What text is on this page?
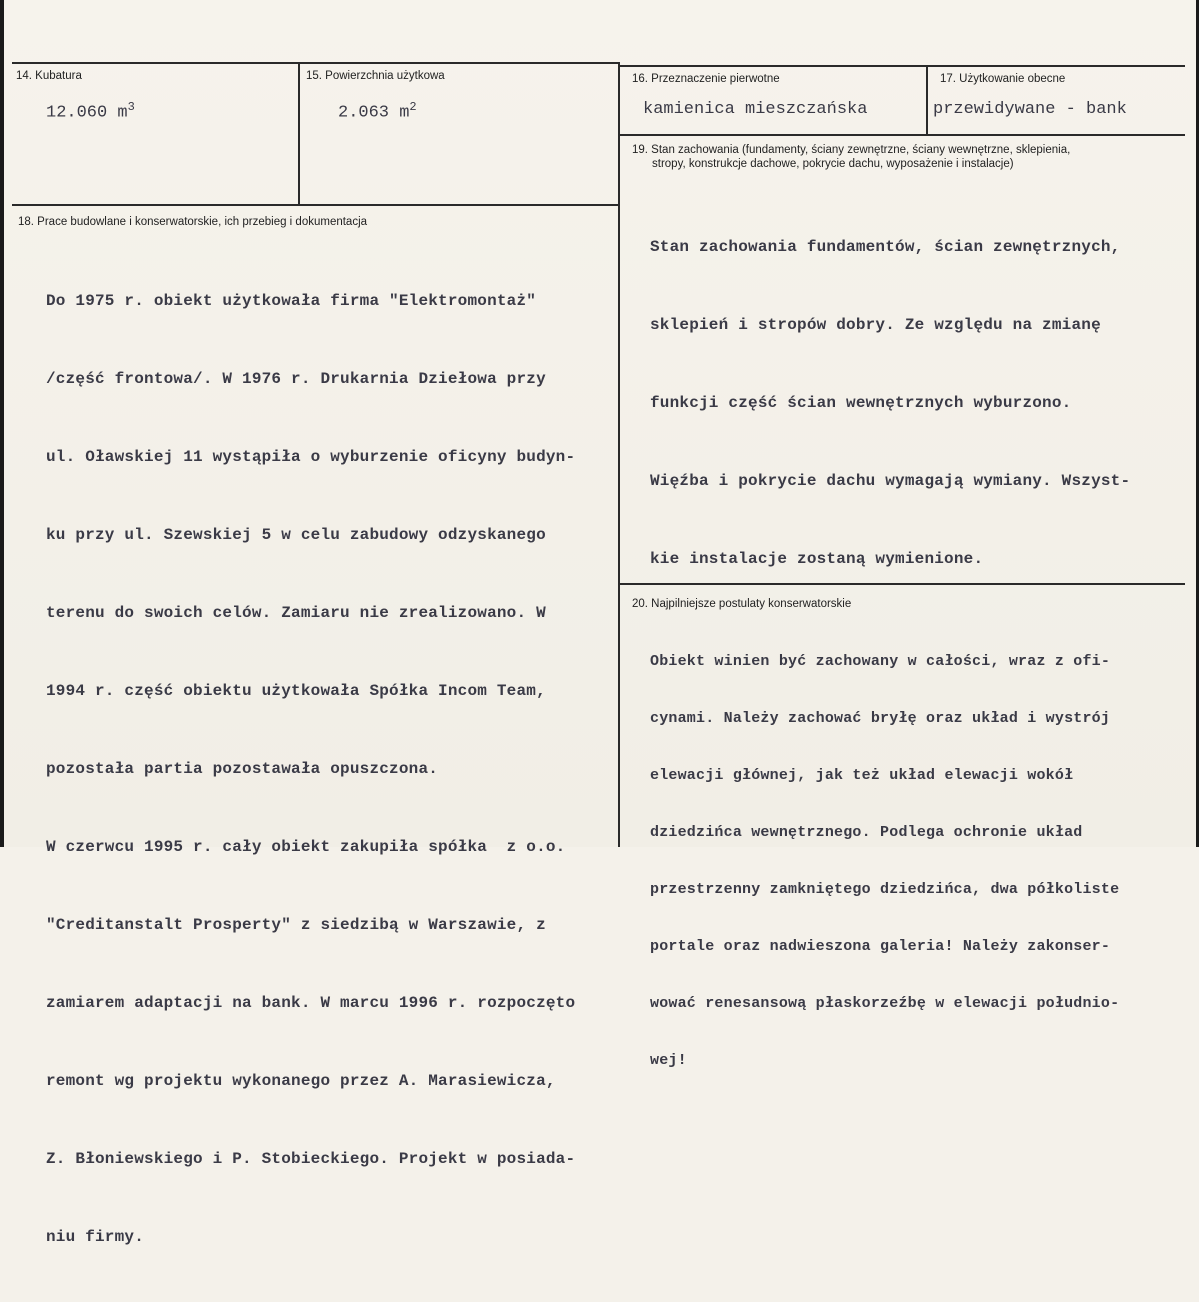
14. Kubatura
12.060 $m^3$
15. Powierzchnia użytkowa
2.063 $m^2$
16. Przeznaczenie pierwotne
kamienica mieszczańska
17. Użytkowanie obecne
przewidywane - bank
19. Stan zachowania (fundamenty, ściany zewnętrzne, ściany wewnętrzne, sklepienia,
stropy, konstrukcje dachowe, pokrycie dachu, wyposażenie i instalacje)

Stan zachowania fundamentów, ścian zewnętrznych,

sklepień i stropów dobry. Ze względu na zmianę

funkcji część ścian wewnętrznych wyburzono.

Więźba i pokrycie dachu wymagają wymiany. Wszyst-

kie instalacje zostaną wymienione.

18. Prace budowlane i konserwatorskie, ich przebieg i dokumentacja

Do 1975 r. obiekt użytkowała firma "Elektromontaż"

/część frontowa/. W 1976 r. Drukarnia Dziełowa przy

ul. Oławskiej 11 wystąpiła o wyburzenie oficyny budyn-

ku przy ul. Szewskiej 5 w celu zabudowy odzyskanego

terenu do swoich celów. Zamiaru nie zrealizowano. W

1994 r. część obiektu użytkowała Spółka Incom Team,

pozostała partia pozostawała opuszczona.

W czerwcu 1995 r. cały obiekt zakupiła spółka  z o.o.

"Creditanstalt Prosperty" z siedzibą w Warszawie, z

zamiarem adaptacji na bank. W marcu 1996 r. rozpoczęto

remont wg projektu wykonanego przez A. Marasiewicza,

Z. Błoniewskiego i P. Stobieckiego. Projekt w posiada-

niu firmy.

20. Najpilniejsze postulaty konserwatorskie

Obiekt winien być zachowany w całości, wraz z ofi-

cynami. Należy zachować bryłę oraz układ i wystrój

elewacji głównej, jak też układ elewacji wokół

dziedzińca wewnętrznego. Podlega ochronie układ

przestrzenny zamkniętego dziedzińca, dwa półkoliste

portale oraz nadwieszona galeria! Należy zakonser-

wować renesansową płaskorzeźbę w elewacji południo-

wej!
